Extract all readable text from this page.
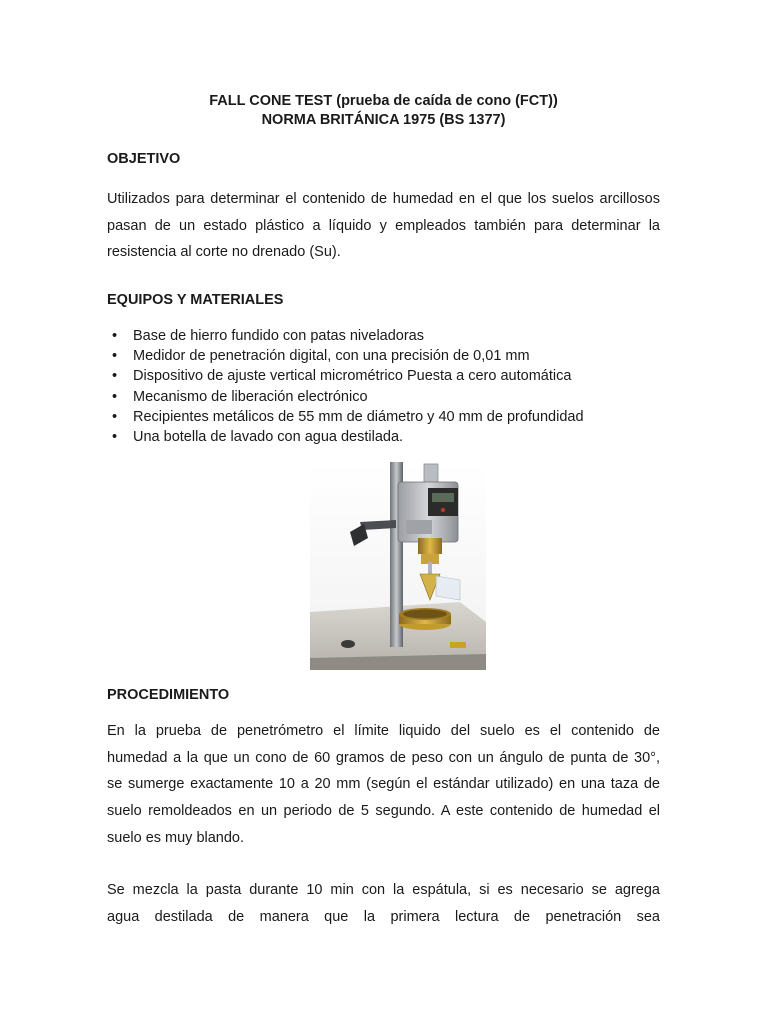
FALL CONE TEST (prueba de caída de cono (FCT))
NORMA BRITÁNICA 1975 (BS 1377)
OBJETIVO
Utilizados para determinar el contenido de humedad en el que los suelos arcillosos
pasan de un estado plástico a líquido y empleados también para determinar la
resistencia al corte no drenado (Su).
EQUIPOS Y MATERIALES
• Base de hierro fundido con patas niveladoras
• Medidor de penetración digital, con una precisión de 0,01 mm
• Dispositivo de ajuste vertical micrométrico Puesta a cero automática
• Mecanismo de liberación electrónico
• Recipientes metálicos de 55 mm de diámetro y 40 mm de profundidad
• Una botella de lavado con agua destilada.
PROCEDIMIENTO
En la prueba de penetrómetro el límite liquido del suelo es el contenido de
humedad a la que un cono de 60 gramos de peso con un ángulo de punta de 30°,
se sumerge exactamente 10 a 20 mm (según el estándar utilizado) en una taza de
suelo remoldeados en un periodo de 5 segundo. A este contenido de humedad el
suelo es muy blando.
Se mezcla la pasta durante 10 min con la espátula, si es necesario se agrega
agua destilada de manera que la primera lectura de penetración sea
